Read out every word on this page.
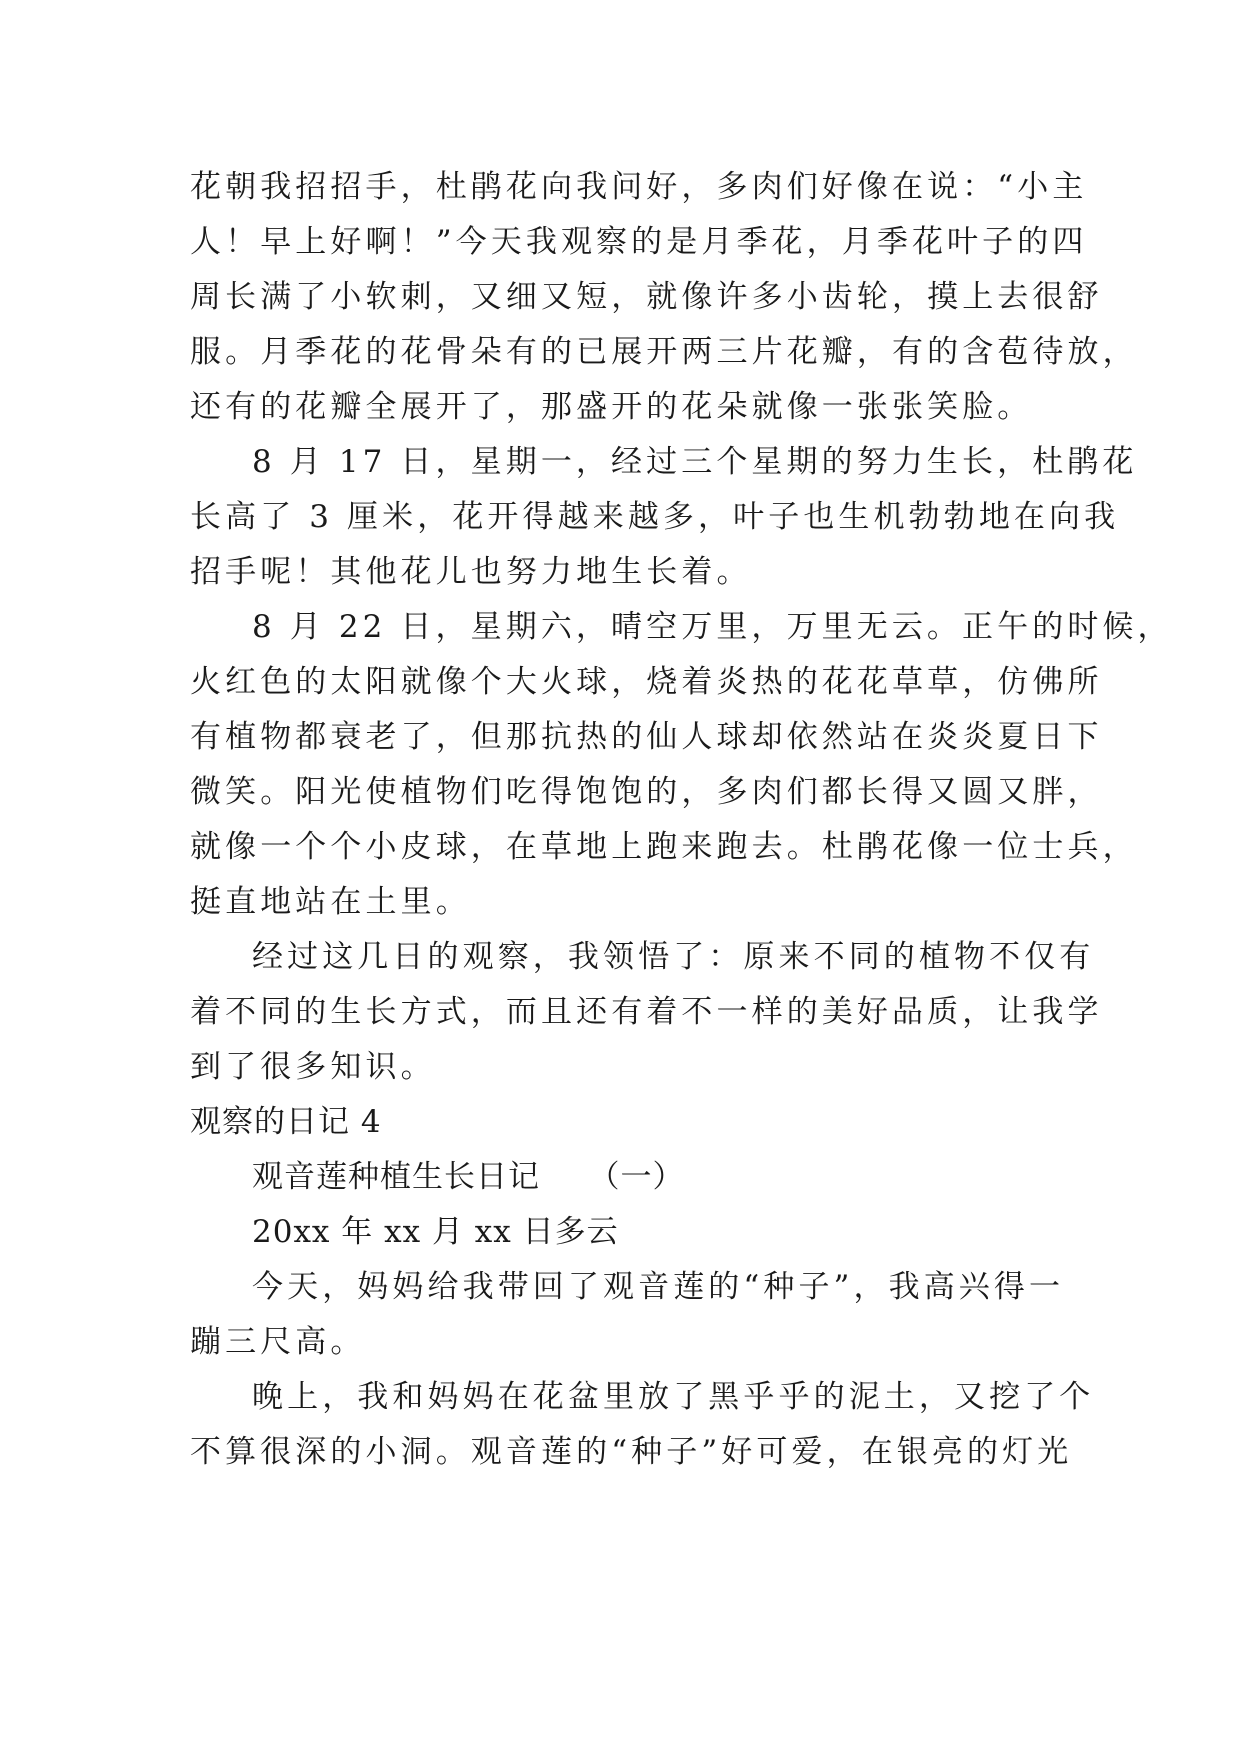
花朝我招招手，杜鹃花向我问好，多肉们好像在说：“小主
人！早上好啊！”今天我观察的是月季花，月季花叶子的四
周长满了小软刺，又细又短，就像许多小齿轮，摸上去很舒
服。月季花的花骨朵有的已展开两三片花瓣，有的含苞待放，
还有的花瓣全展开了，那盛开的花朵就像一张张笑脸。
8 月 17 日，星期一，经过三个星期的努力生长，杜鹃花
长高了 3 厘米，花开得越来越多，叶子也生机勃勃地在向我
招手呢！其他花儿也努力地生长着。
8 月 22 日，星期六，晴空万里，万里无云。正午的时候，
火红色的太阳就像个大火球，烧着炎热的花花草草，仿佛所
有植物都衰老了，但那抗热的仙人球却依然站在炎炎夏日下
微笑。阳光使植物们吃得饱饱的，多肉们都长得又圆又胖，
就像一个个小皮球，在草地上跑来跑去。杜鹃花像一位士兵，
挺直地站在土里。
经过这几日的观察，我领悟了：原来不同的植物不仅有
着不同的生长方式，而且还有着不一样的美好品质，让我学
到了很多知识。
观察的日记 4
观音莲种植生长日记　　（一）
20xx 年 xx 月 xx 日多云
今天，妈妈给我带回了观音莲的“种子”，我高兴得一
蹦三尺高。
晚上，我和妈妈在花盆里放了黑乎乎的泥土，又挖了个
不算很深的小洞。观音莲的“种子”好可爱，在银亮的灯光
